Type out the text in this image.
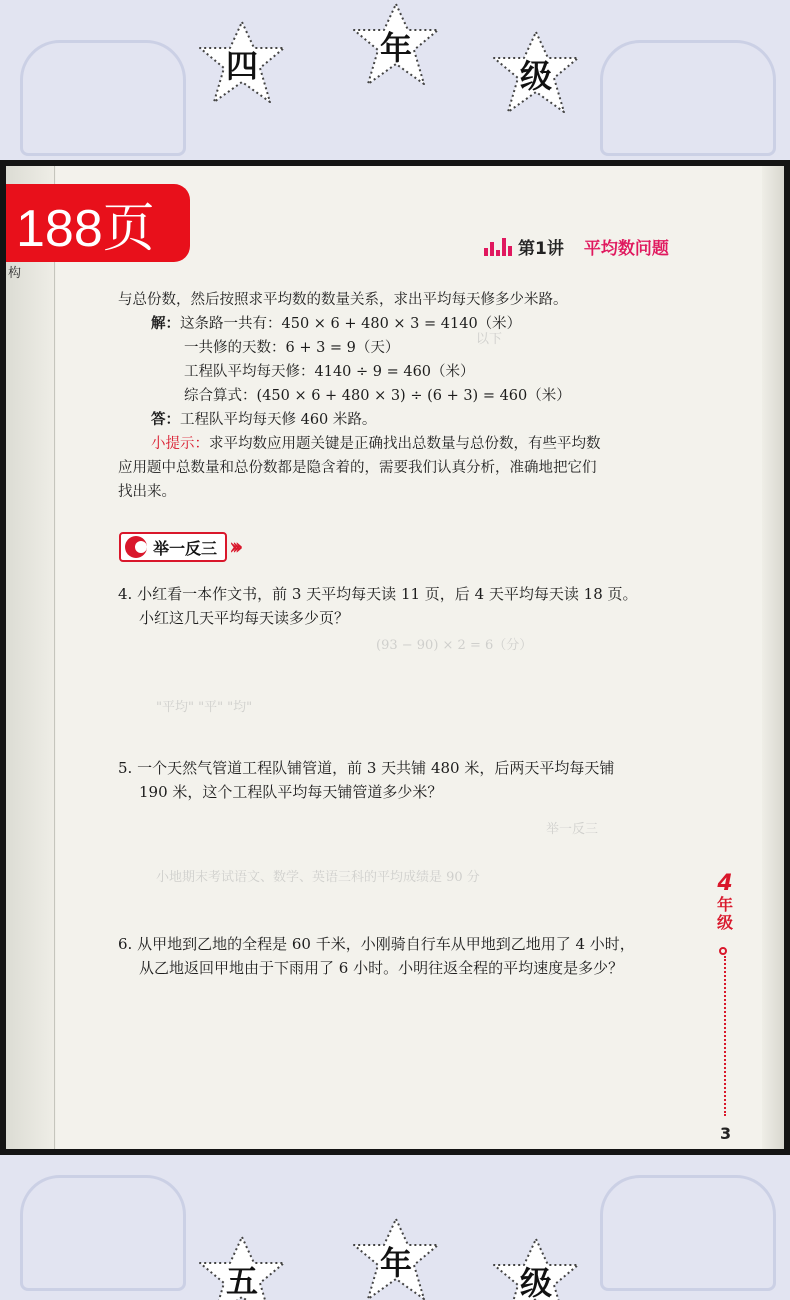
四	年
级
构
188页	第1讲 平均数问题
以下
与总份数，然后按照求平均数的数量关系，求出平均每天修多少米路。
解：这条路一共有：450 × 6 + 480 × 3 = 4140（米）
一共修的天数：6 + 3 = 9（天）
工程队平均每天修：4140 ÷ 9 = 460（米）
综合算式：(450 × 6 + 480 × 3) ÷ (6 + 3) = 460（米）
答：工程队平均每天修 460 米路。
小提示：求平均数应用题关键是正确找出总数量与总份数，有些平均数
应用题中总数量和总份数都是隐含着的，需要我们认真分析，准确地把它们
找出来。
举一反三 ›››
4. 小红看一本作文书，前 3 天平均每天读 11 页，后 4 天平均每天读 18 页。
小红这几天平均每天读多少页？
(93 − 90) × 2 = 6（分）
"平均" "平" "均"
5. 一个天然气管道工程队铺管道，前 3 天共铺 480 米，后两天平均每天铺
190 米，这个工程队平均每天铺管道多少米？
举一反三
小地期末考试语文、数学、英语三科的平均成绩是 90 分
6. 从甲地到乙地的全程是 60 千米，小刚骑自行车从甲地到乙地用了 4 小时，
从乙地返回甲地由于下雨用了 6 小时。小明往返全程的平均速度是多少？
4
年
级
3
五	年
级
